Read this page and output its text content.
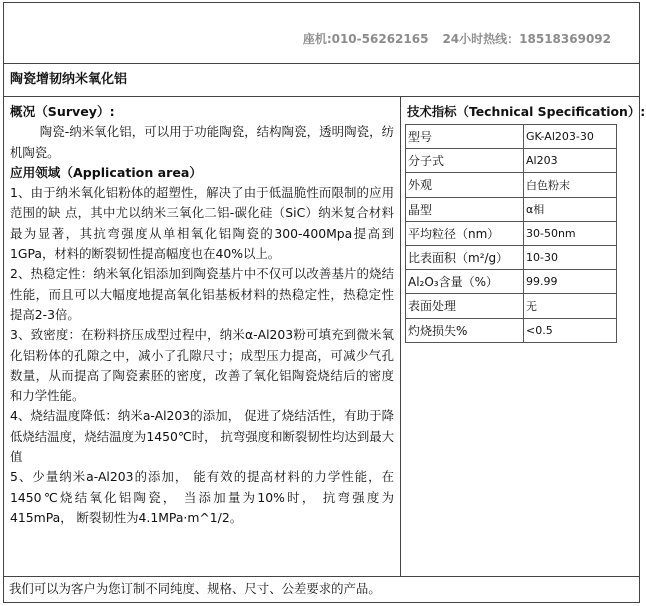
座机:010-56262165 24小时热线：18518369092
陶瓷增韧纳米氧化铝

概况（Survey）:

陶瓷-纳米氧化铝，可以用于功能陶瓷，结构陶瓷，透明陶瓷，纺机陶瓷。

应用领域（Application area）

1、由于纳米氧化铝粉体的超塑性，解决了由于低温脆性而限制的应用范围的缺 点，其中尤以纳米三氧化二铝-碳化硅（SiC）纳米复合材料最为显著，其抗弯强度从单相氧化铝陶瓷的300-400Mpa提高到1GPa，材料的断裂韧性提高幅度也在40%以上。

2、热稳定性：纳米氧化铝添加到陶瓷基片中不仅可以改善基片的烧结性能，而且可以大幅度地提高氧化铝基板材料的热稳定性，热稳定性提高2-3倍。

3、致密度：在粉料挤压成型过程中，纳米α-Al203粉可填充到微米氧化铝粉体的孔隙之中，减小了孔隙尺寸；成型压力提高，可减少气孔数量，从而提高了陶瓷素胚的密度，改善了氧化铝陶瓷烧结后的密度和力学性能。

4、烧结温度降低：纳米a-Al203的添加， 促进了烧结活性，有助于降低烧结温度，烧结温度为1450℃时， 抗弯强度和断裂韧性均达到最大值

5、少量纳米a-Al203的添加， 能有效的提高材料的力学性能，在1450℃烧结氧化铝陶瓷， 当添加量为10%时， 抗弯强度为415mPa， 断裂韧性为4.1MPa·m^1/2。

技术指标（Technical Specification）:
型号	GK-Al203-30
分子式	Al203
外观	白色粉末
晶型	α相
平均粒径（nm）	30-50nm
比表面积（m²/g）	10-30
Al₂O₃含量（%）	99.99
表面处理	无
灼烧损失%	<0.5
我们可以为客户为您订制不同纯度、规格、尺寸、公差要求的产品。
